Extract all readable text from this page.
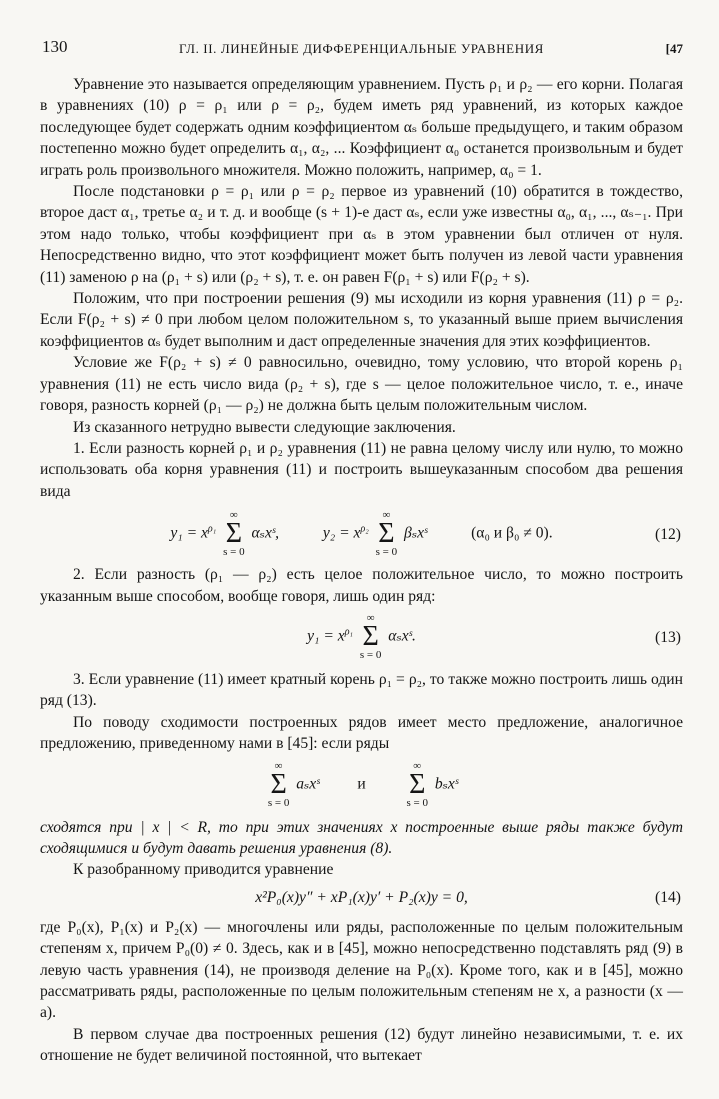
130	ГЛ. II. ЛИНЕЙНЫЕ ДИФФЕРЕНЦИАЛЬНЫЕ УРАВНЕНИЯ	[47

Уравнение это называется определяющим уравнением. Пусть ρ₁ и ρ₂ — его корни. Полагая в уравнениях (10) ρ = ρ₁ или ρ = ρ₂, будем иметь ряд уравнений, из которых каждое последующее будет содержать одним коэффициентом αₛ больше предыдущего, и таким образом постепенно можно будет определить α₁, α₂, ... Коэффициент α₀ останется произвольным и будет играть роль произвольного множителя. Можно положить, например, α₀ = 1.

После подстановки ρ = ρ₁ или ρ = ρ₂ первое из уравнений (10) обратится в тождество, второе даст α₁, третье α₂ и т. д. и вообще (s + 1)-е даст αₛ, если уже известны α₀, α₁, ..., αₛ₋₁. При этом надо только, чтобы коэффициент при αₛ в этом уравнении был отличен от нуля. Непосредственно видно, что этот коэффициент может быть получен из левой части уравнения (11) заменою ρ на (ρ₁ + s) или (ρ₂ + s), т. е. он равен F(ρ₁ + s) или F(ρ₂ + s).

Положим, что при построении решения (9) мы исходили из корня уравнения (11) ρ = ρ₂. Если F(ρ₂ + s) ≠ 0 при любом целом положительном s, то указанный выше прием вычисления коэффициентов αₛ будет выполним и даст определенные значения для этих коэффициентов.

Условие же F(ρ₂ + s) ≠ 0 равносильно, очевидно, тому условию, что второй корень ρ₁ уравнения (11) не есть число вида (ρ₂ + s), где s — целое положительное число, т. е., иначе говоря, разность корней (ρ₁ — ρ₂) не должна быть целым положительным числом.

Из сказанного нетрудно вывести следующие заключения.

1. Если разность корней ρ₁ и ρ₂ уравнения (11) не равна целому числу или нулю, то можно использовать оба корня уравнения (11) и построить вышеуказанным способом два решения вида

$y_1 = x^{\rho_1}$
∞
Σ
s = 0
αₛxˢ,	$y_2 = x^{\rho_2}$
∞
Σ
s = 0
βₛxˢ	(α₀ и β₀ ≠ 0).	(12)

2. Если разность (ρ₁ — ρ₂) есть целое положительное число, то можно построить указанным выше способом, вообще говоря, лишь один ряд:

$y_1 = x^{\rho_1}$
∞
Σ
s = 0
αₛxˢ.	(13)

3. Если уравнение (11) имеет кратный корень ρ₁ = ρ₂, то также можно построить лишь один ряд (13).

По поводу сходимости построенных рядов имеет место предложение, аналогичное предложению, приведенному нами в [45]: если ряды

∞
Σ
s = 0
aₛxˢ и
∞
Σ
s = 0
bₛxˢ

сходятся при | x | < R, то при этих значениях x построенные выше ряды также будут сходящимися и будут давать решения уравнения (8).

К разобранному приводится уравнение

x²P₀(x)y″ + xP₁(x)y′ + P₂(x)y = 0,	(14)

где P₀(x), P₁(x) и P₂(x) — многочлены или ряды, расположенные по целым положительным степеням x, причем P₀(0) ≠ 0. Здесь, как и в [45], можно непосредственно подставлять ряд (9) в левую часть уравнения (14), не производя деление на P₀(x). Кроме того, как и в [45], можно рассматривать ряды, расположенные по целым положительным степеням не x, а разности (x — a).

В первом случае два построенных решения (12) будут линейно независимыми, т. е. их отношение не будет величиной постоянной, что вытекает
